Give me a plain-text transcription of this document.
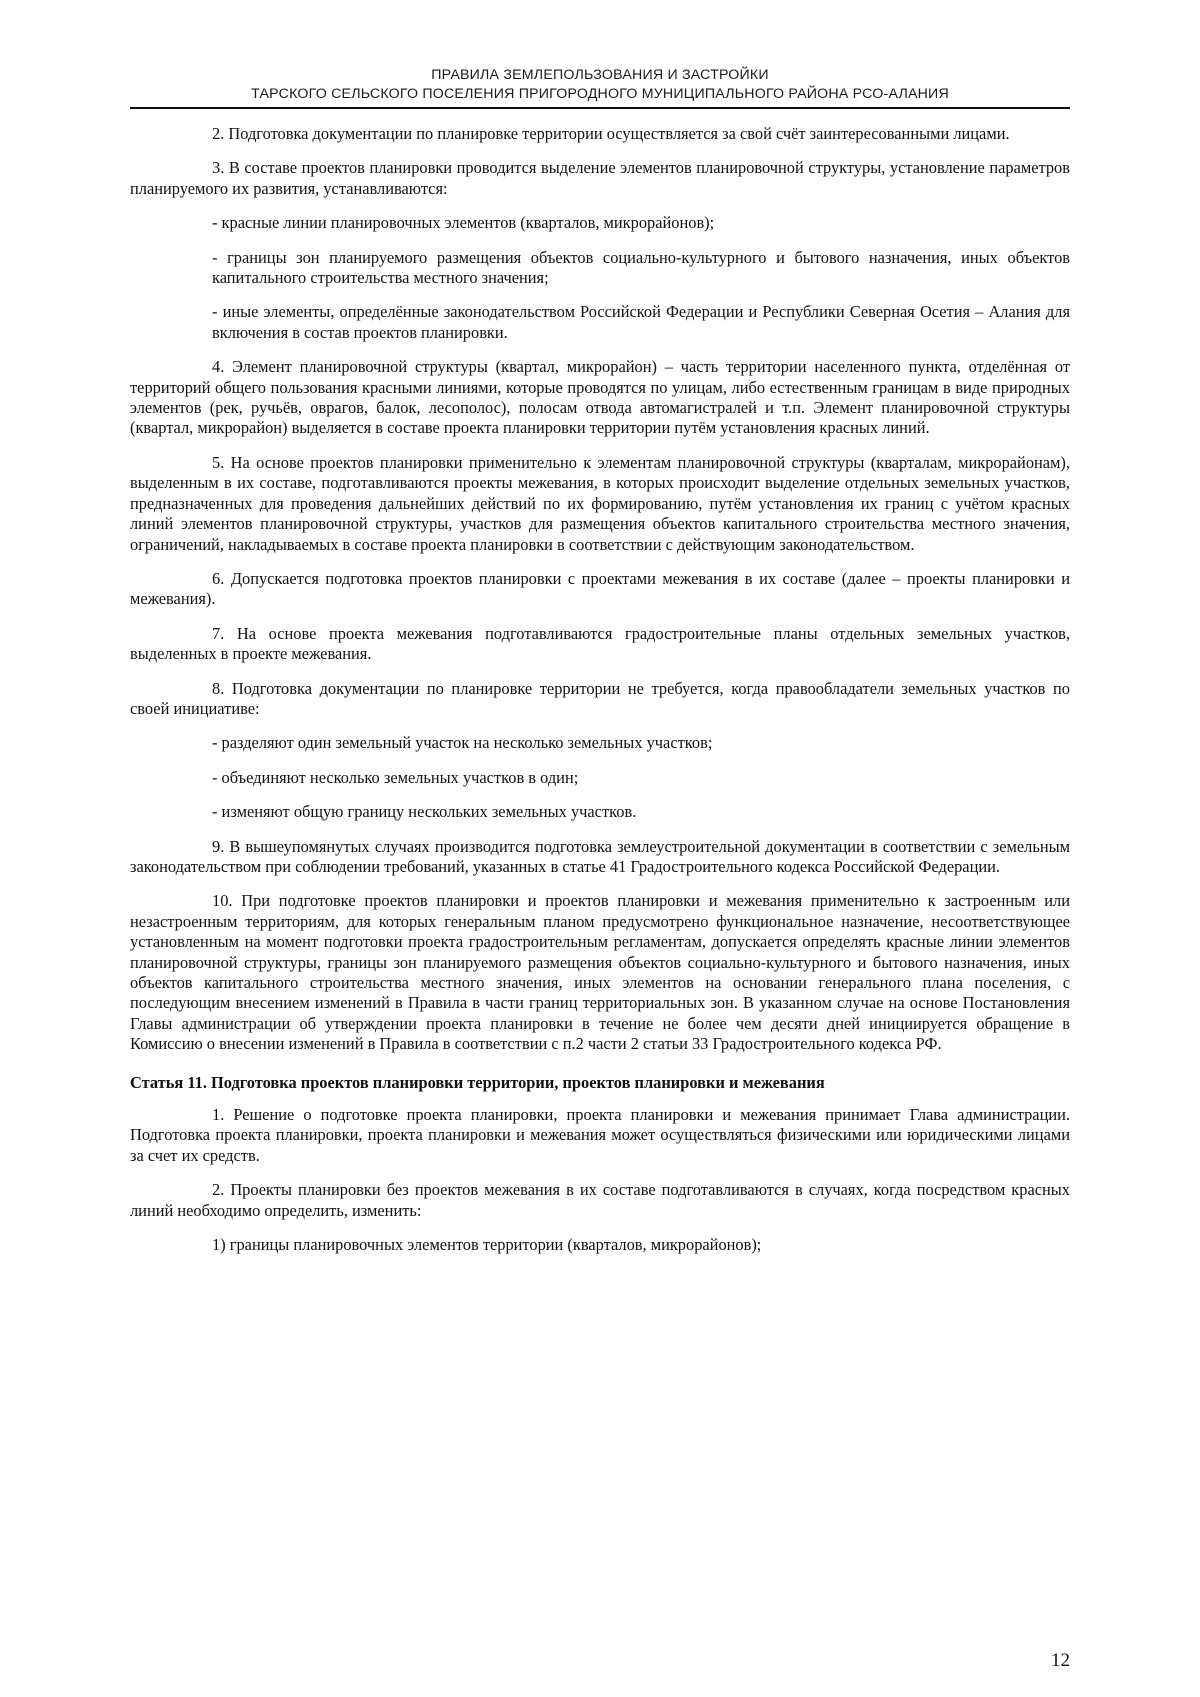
ПРАВИЛА ЗЕМЛЕПОЛЬЗОВАНИЯ И ЗАСТРОЙКИ
ТАРСКОГО СЕЛЬСКОГО ПОСЕЛЕНИЯ ПРИГОРОДНОГО МУНИЦИПАЛЬНОГО РАЙОНА РСО-АЛАНИЯ

2. Подготовка документации по планировке территории осуществляется за свой счёт заинтересованными лицами.

3. В составе проектов планировки проводится выделение элементов планировочной структуры, установление параметров планируемого их развития, устанавливаются:

- красные линии планировочных элементов (кварталов, микрорайонов);

- границы зон планируемого размещения объектов социально-культурного и бытового назначения, иных объектов капитального строительства местного значения;

- иные элементы, определённые законодательством Российской Федерации и Республики Северная Осетия – Алания для включения в состав проектов планировки.

4. Элемент планировочной структуры (квартал, микрорайон) – часть территории населенного пункта, отделённая от территорий общего пользования красными линиями, которые проводятся по улицам, либо естественным границам в виде природных элементов (рек, ручьёв, оврагов, балок, лесополос), полосам отвода автомагистралей и т.п. Элемент планировочной структуры (квартал, микрорайон) выделяется в составе проекта планировки территории путём установления красных линий.

5. На основе проектов планировки применительно к элементам планировочной структуры (кварталам, микрорайонам), выделенным в их составе, подготавливаются проекты межевания, в которых происходит выделение отдельных земельных участков, предназначенных для проведения дальнейших действий по их формированию, путём установления их границ с учётом красных линий элементов планировочной структуры, участков для размещения объектов капитального строительства местного значения, ограничений, накладываемых в составе проекта планировки в соответствии с действующим законодательством.

6. Допускается подготовка проектов планировки с проектами межевания в их составе (далее – проекты планировки и межевания).

7. На основе проекта межевания подготавливаются градостроительные планы отдельных земельных участков, выделенных в проекте межевания.

8. Подготовка документации по планировке территории не требуется, когда правообладатели земельных участков по своей инициативе:

- разделяют один земельный участок на несколько земельных участков;

- объединяют несколько земельных участков в один;

- изменяют общую границу нескольких земельных участков.

9. В вышеупомянутых случаях производится подготовка землеустроительной документации в соответствии с земельным законодательством при соблюдении требований, указанных в статье 41 Градостроительного кодекса Российской Федерации.

10. При подготовке проектов планировки и проектов планировки и межевания применительно к застроенным или незастроенным территориям, для которых генеральным планом предусмотрено функциональное назначение, несоответствующее установленным на момент подготовки проекта градостроительным регламентам, допускается определять красные линии элементов планировочной структуры, границы зон планируемого размещения объектов социально-культурного и бытового назначения, иных объектов капитального строительства местного значения, иных элементов на основании генерального плана поселения, с последующим внесением изменений в Правила в части границ территориальных зон. В указанном случае на основе Постановления Главы администрации об утверждении проекта планировки в течение не более чем десяти дней инициируется обращение в Комиссию о внесении изменений в Правила в соответствии с п.2 части 2 статьи 33 Градостроительного кодекса РФ.

Статья 11. Подготовка проектов планировки территории, проектов планировки и межевания

1. Решение о подготовке проекта планировки, проекта планировки и межевания принимает Глава администрации. Подготовка проекта планировки, проекта планировки и межевания может осуществляться физическими или юридическими лицами за счет их средств.

2. Проекты планировки без проектов межевания в их составе подготавливаются в случаях, когда посредством красных линий необходимо определить, изменить:

1) границы планировочных элементов территории (кварталов, микрорайонов);

12
